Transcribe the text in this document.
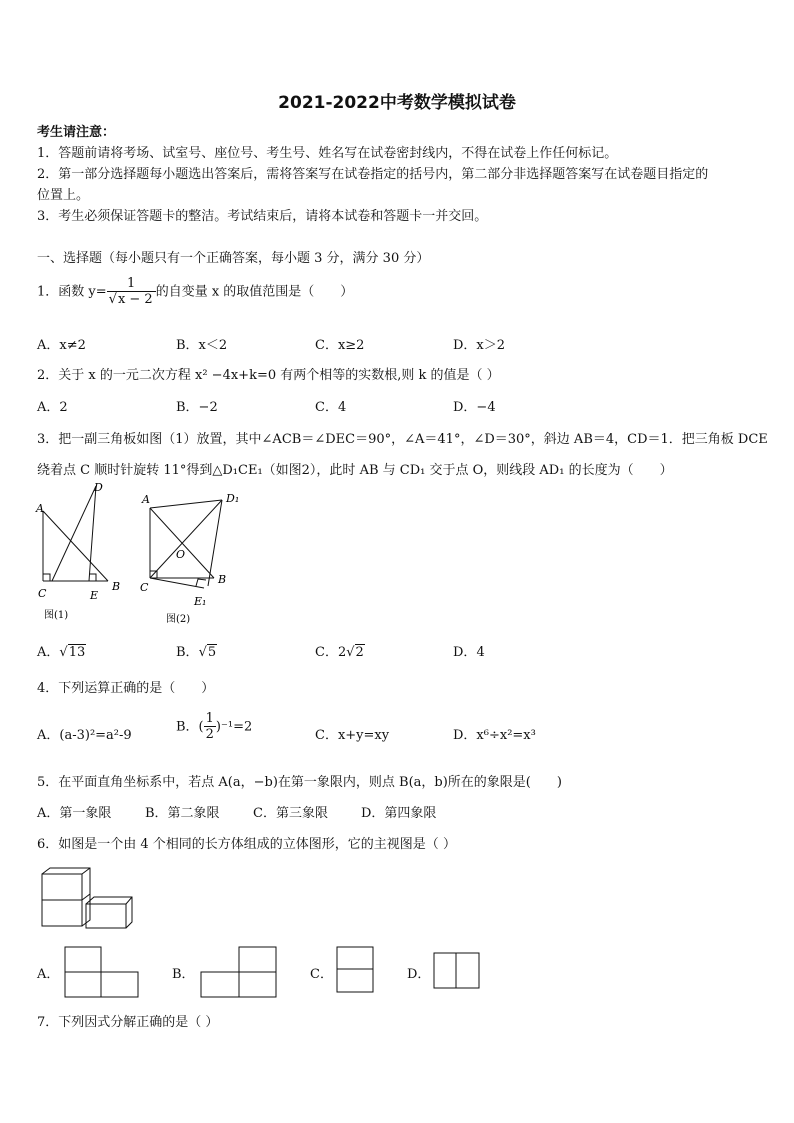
2021-2022中考数学模拟试卷
考生请注意：
1．答题前请将考场、试室号、座位号、考生号、姓名写在试卷密封线内，不得在试卷上作任何标记。
2．第一部分选择题每小题选出答案后，需将答案写在试卷指定的括号内，第二部分非选择题答案写在试卷题目指定的
位置上。
3．考生必须保证答题卡的整洁。考试结束后，请将本试卷和答题卡一并交回。
一、选择题（每小题只有一个正确答案，每小题 3 分，满分 30 分）
1．函数 $y= \frac{1}{√x - 2}$ 的自变量 x 的取值范围是（　　）
A．x≠2	B．x＜2	C．x≥2	D．x＞2
2．关于 x 的一元二次方程 x² −4x+k=0 有两个相等的实数根,则 k 的值是（ ）
A．2	B．−2	C．4	D．−4
3．把一副三角板如图（1）放置，其中∠ACB＝∠DEC＝90°，∠A＝41°，∠D＝30°，斜边 AB＝4，CD＝1．把三角板 DCE
绕着点 C 顺时针旋转 11°得到△D₁CE₁（如图2），此时 AB 与 CD₁ 交于点 O，则线段 AD₁ 的长度为（　　）
A
D
C	E
B
图(1)
A	D₁
O
C
B
E₁
图(2)
A．√13	B．√5	C．2√2	D．4
4．下列运算正确的是（　　）
A．(a-3)²=a²-9
B．( $\frac{1}{2} )^{-1}=2$
C．x+y=xy	D．x⁶÷x²=x³
5．在平面直角坐标系中，若点 A(a，−b)在第一象限内，则点 B(a，b)所在的象限是(　　)
A．第一象限	B．第二象限	C．第三象限	D．第四象限
6．如图是一个由 4 个相同的长方体组成的立体图形，它的主视图是（ ）
A．	B．	C．	D．
7．下列因式分解正确的是（ ）
